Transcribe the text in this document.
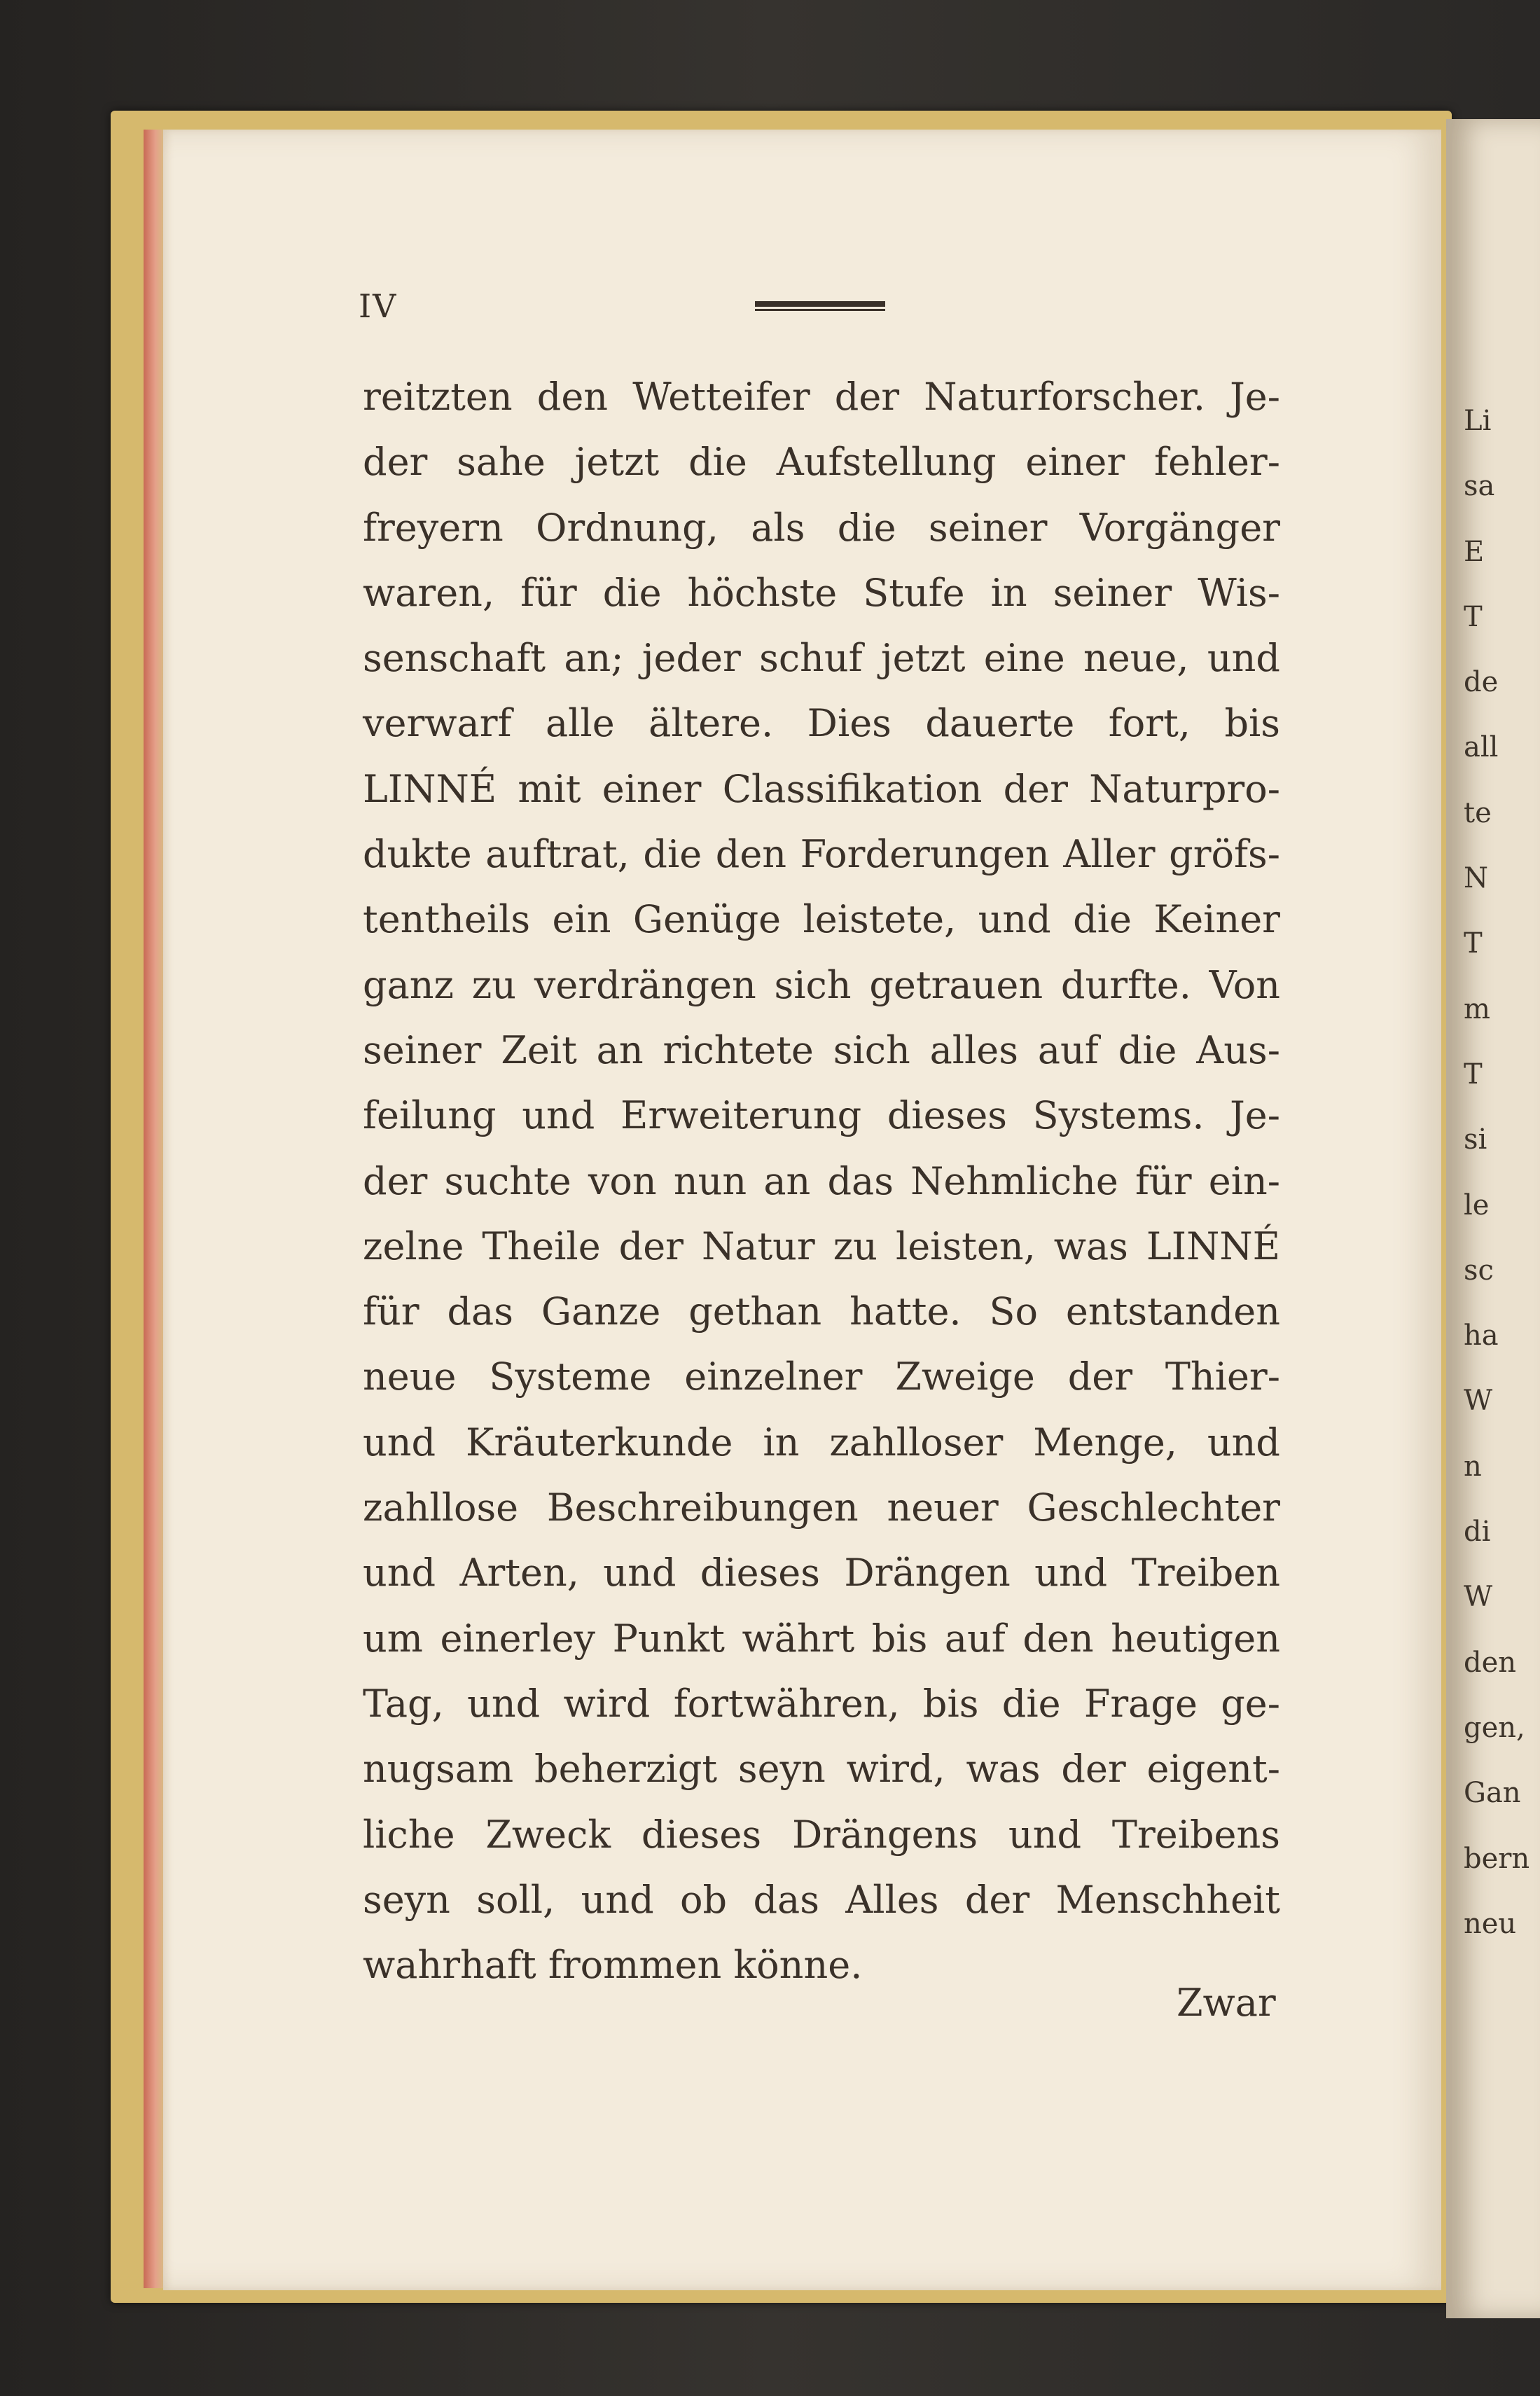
Li
sa
E
T
de
all
te
N
T
m
T
si
le
sc
ha
W
n
di
W
den
gen,
Gan
bern
neu
IV
reitzten den Wetteifer der Naturforscher. Je-
der sahe jetzt die Aufstellung einer fehler-
freyern Ordnung, als die seiner Vorgänger
waren, für die höchste Stufe in seiner Wis-
senschaft an; jeder schuf jetzt eine neue, und
verwarf alle ältere. Dies dauerte fort, bis
LINNÉ mit einer Classifikation der Naturpro-
dukte auftrat, die den Forderungen Aller gröfs-
tentheils ein Genüge leistete, und die Keiner
ganz zu verdrängen sich getrauen durfte. Von
seiner Zeit an richtete sich alles auf die Aus-
feilung und Erweiterung dieses Systems. Je-
der suchte von nun an das Nehmliche für ein-
zelne Theile der Natur zu leisten, was LINNÉ
für das Ganze gethan hatte. So entstanden
neue Systeme einzelner Zweige der Thier-
und Kräuterkunde in zahlloser Menge, und
zahllose Beschreibungen neuer Geschlechter
und Arten, und dieses Drängen und Treiben
um einerley Punkt währt bis auf den heutigen
Tag, und wird fortwähren, bis die Frage ge-
nugsam beherzigt seyn wird, was der eigent-
liche Zweck dieses Drängens und Treibens
seyn soll, und ob das Alles der Menschheit
wahrhaft frommen könne.
Zwar
